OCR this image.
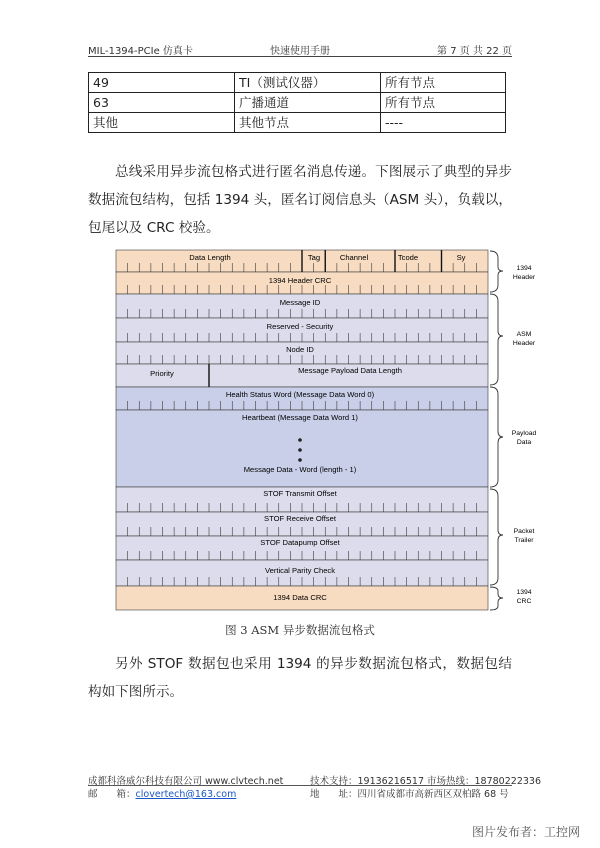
MIL-1394-PCIe 仿真卡	快速使用手册	第 7 页 共 22 页
49	TI（测试仪器）	所有节点
63	广播通道	所有节点
其他	其他节点	----
总线采用异步流包格式进行匿名消息传递。下图展示了典型的异步数据流包结构，包括 1394 头，匿名订阅信息头（ASM 头），负载以，包尾以及 CRC 校验。
Data Length	Tag	Channel	Tcode	Sy
1394 Header CRC
Message ID
Reserved - Security
Node ID
Priority	Message Payload Data Length
Health Status Word (Message Data Word 0)
Heartbeat (Message Data Word 1)
Message Data - Word (length - 1)
STOF Transmit Offset
STOF Receive Offset
STOF Datapump Offset
Vertical Parity Check
1394 Data CRC
1394
Header
ASM
Header
Payload
Data
Packet
Trailer
1394
CRC
图 3 ASM 异步数据流包格式
另外 STOF 数据包也采用 1394 的异步数据流包格式，数据包结构如下图所示。
成都科洛威尔科技有限公司 www.clvtech.net	技术支持：19136216517 市场热线：18780222336
邮　　箱：clovertech@163.com	地　　址：四川省成都市高新西区双柏路 68 号
图片发布者：工控网
